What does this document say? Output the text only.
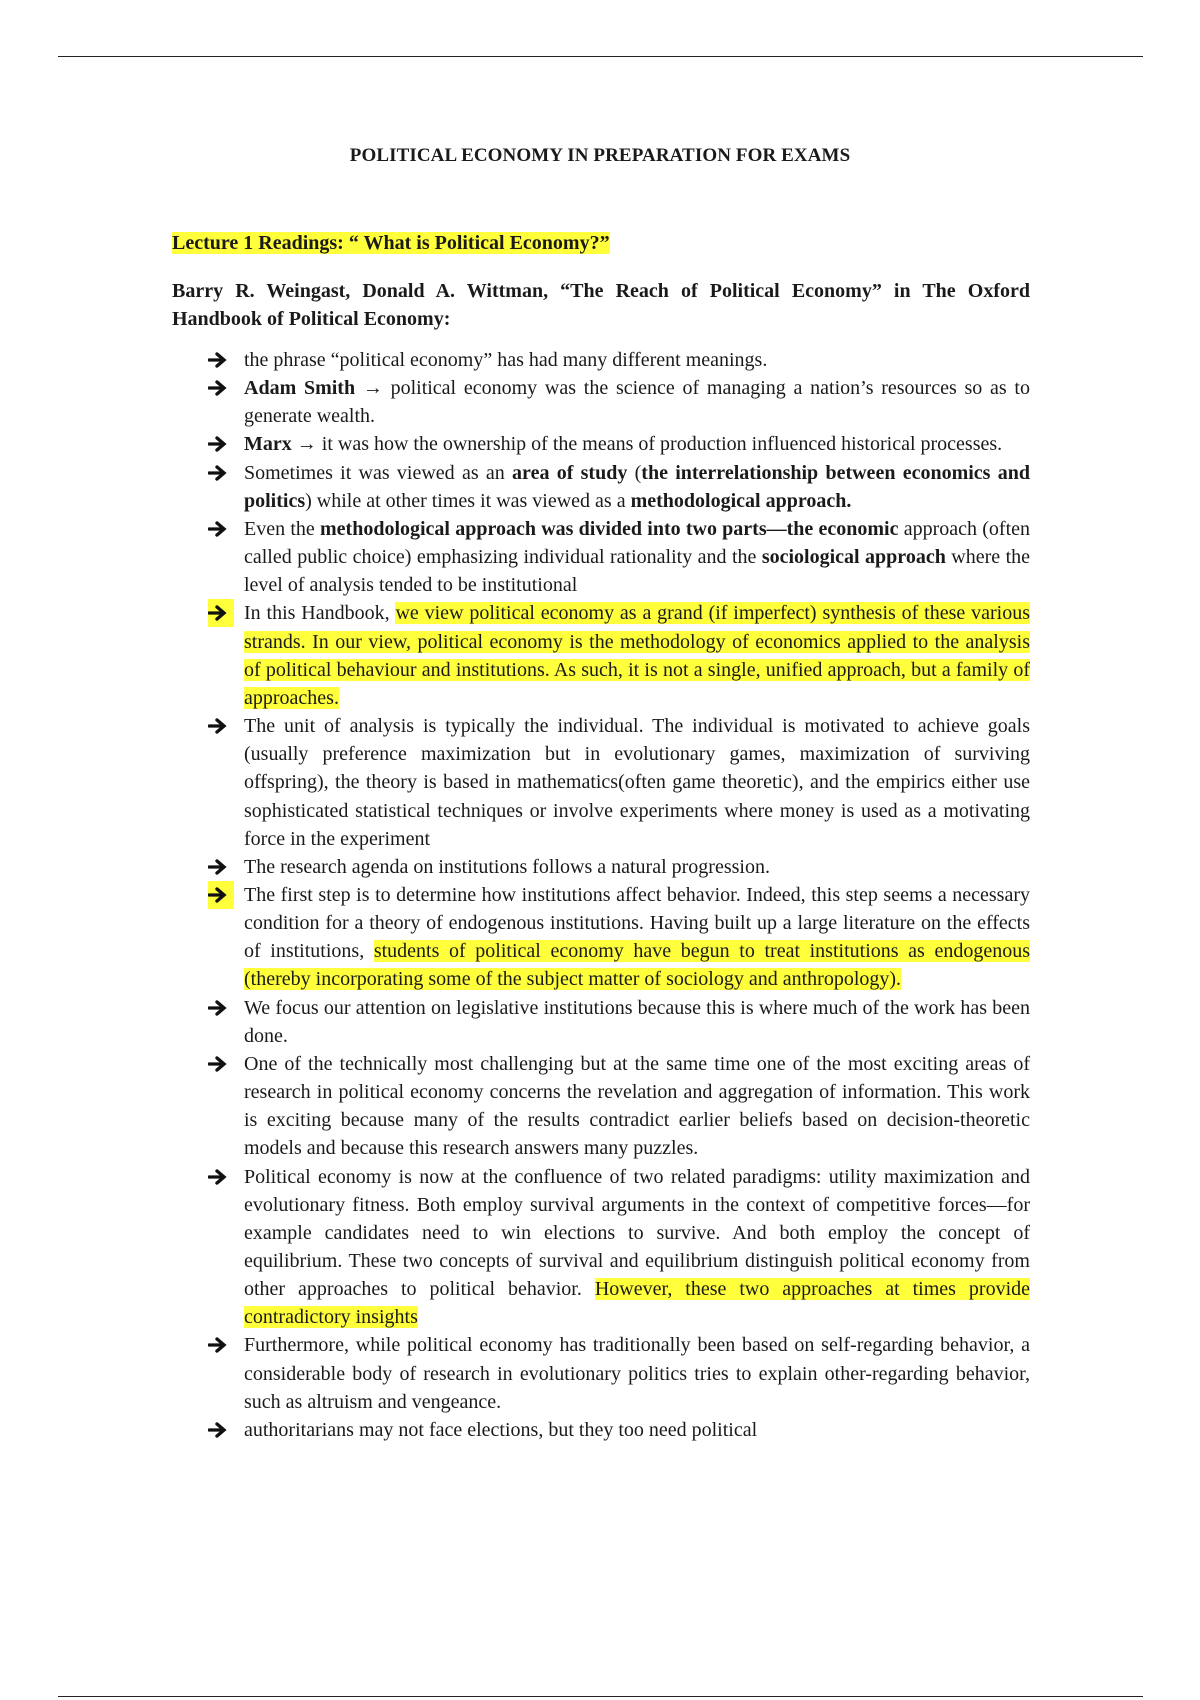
POLITICAL ECONOMY IN PREPARATION FOR EXAMS
Lecture 1 Readings: “ What is Political Economy?”
Barry R. Weingast, Donald A. Wittman, “The Reach of Political Economy” in The Oxford Handbook of Political Economy:
the phrase “political economy” has had many different meanings.
Adam Smith → political economy was the science of managing a nation’s resources so as to generate wealth.
Marx → it was how the ownership of the means of production influenced historical processes.
Sometimes it was viewed as an area of study (the interrelationship between economics and politics) while at other times it was viewed as a methodological approach.
Even the methodological approach was divided into two parts—the economic approach (often called public choice) emphasizing individual rationality and the sociological approach where the level of analysis tended to be institutional
In this Handbook, we view political economy as a grand (if imperfect) synthesis of these various strands. In our view, political economy is the methodology of economics applied to the analysis of political behaviour and institutions. As such, it is not a single, unified approach, but a family of approaches.
The unit of analysis is typically the individual. The individual is motivated to achieve goals (usually preference maximization but in evolutionary games, maximization of surviving offspring), the theory is based in mathematics(often game theoretic), and the empirics either use sophisticated statistical techniques or involve experiments where money is used as a motivating force in the experiment
The research agenda on institutions follows a natural progression.
The first step is to determine how institutions affect behavior. Indeed, this step seems a necessary condition for a theory of endogenous institutions. Having built up a large literature on the effects of institutions, students of political economy have begun to treat institutions as endogenous (thereby incorporating some of the subject matter of sociology and anthropology).
We focus our attention on legislative institutions because this is where much of the work has been done.
One of the technically most challenging but at the same time one of the most exciting areas of research in political economy concerns the revelation and aggregation of information. This work is exciting because many of the results contradict earlier beliefs based on decision-theoretic models and because this research answers many puzzles.
Political economy is now at the confluence of two related paradigms: utility maximization and evolutionary fitness. Both employ survival arguments in the context of competitive forces—for example candidates need to win elections to survive. And both employ the concept of equilibrium. These two concepts of survival and equilibrium distinguish political economy from other approaches to political behavior. However, these two approaches at times provide contradictory insights
Furthermore, while political economy has traditionally been based on self-regarding behavior, a considerable body of research in evolutionary politics tries to explain other-regarding behavior, such as altruism and vengeance.
authoritarians may not face elections, but they too need political
